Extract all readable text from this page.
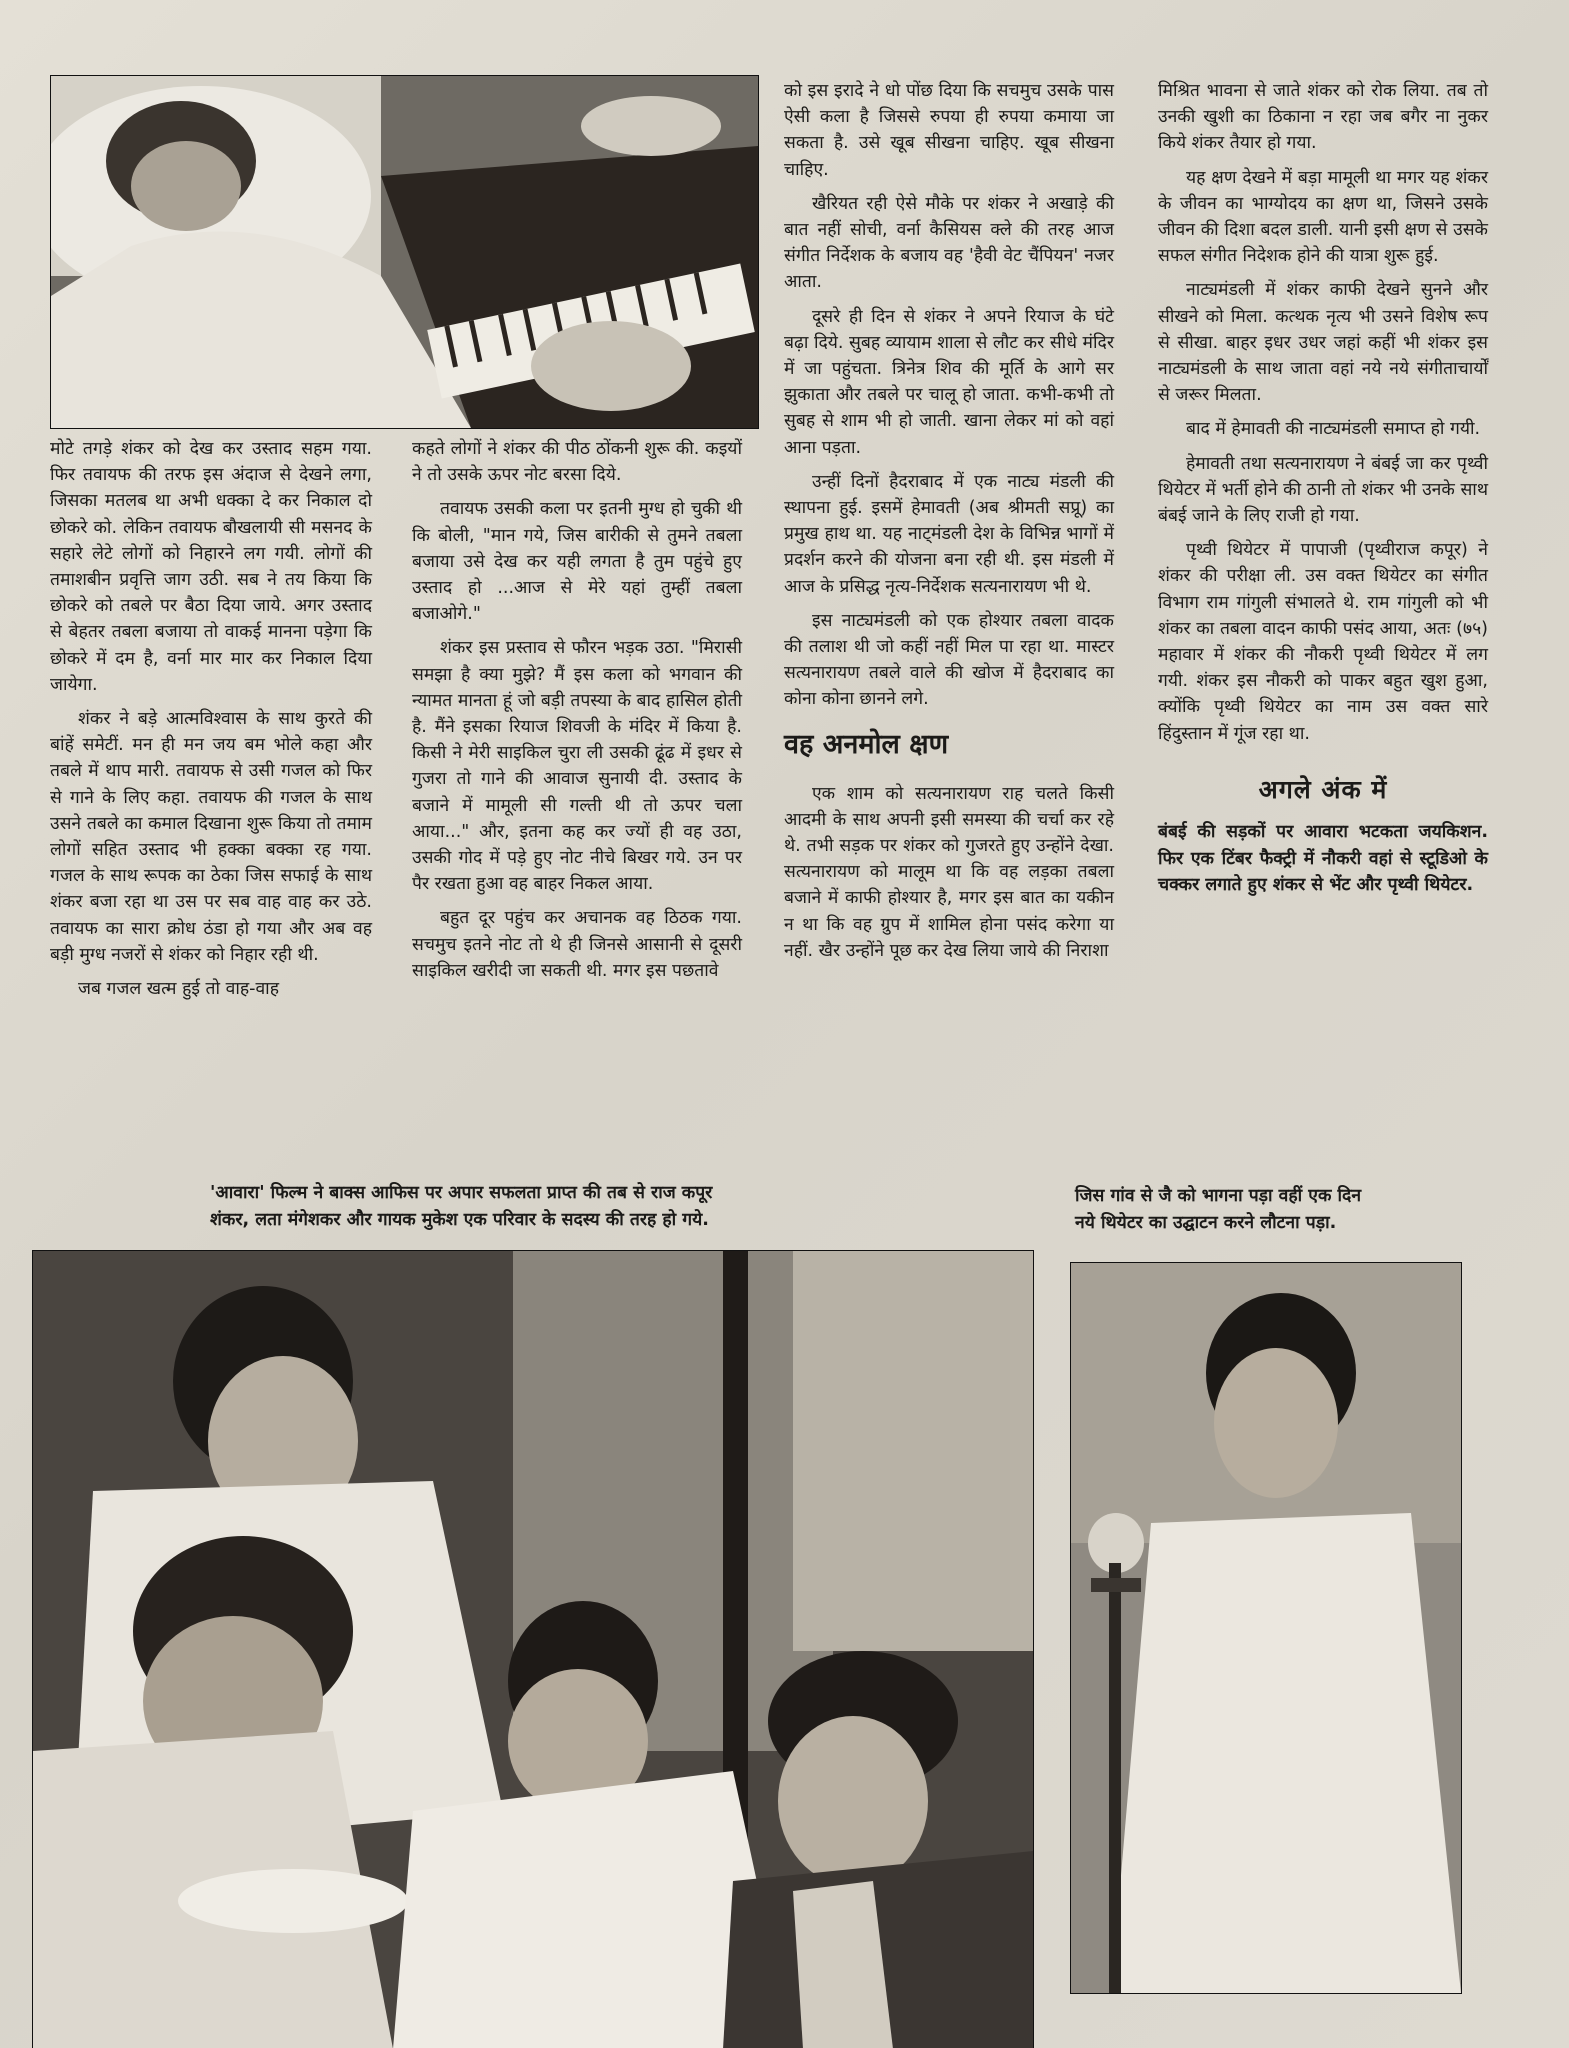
मोटे तगड़े शंकर को देख कर उस्ताद सहम गया. फिर तवायफ की तरफ इस अंदाज से देखने लगा, जिसका मतलब था अभी धक्का दे कर निकाल दो छोकरे को. लेकिन तवायफ बौखलायी सी मसनद के सहारे लेटे लोगों को निहारने लग गयी. लोगों की तमाशबीन प्रवृत्ति जाग उठी. सब ने तय किया कि छोकरे को तबले पर बैठा दिया जाये. अगर उस्ताद से बेहतर तबला बजाया तो वाकई मानना पड़ेगा कि छोकरे में दम है, वर्ना मार मार कर निकाल दिया जायेगा.

शंकर ने बड़े आत्मविश्वास के साथ कुरते की बांहें समेटीं. मन ही मन जय बम भोले कहा और तबले में थाप मारी. तवायफ से उसी गजल को फिर से गाने के लिए कहा. तवायफ की गजल के साथ उसने तबले का कमाल दिखाना शुरू किया तो तमाम लोगों सहित उस्ताद भी हक्का बक्का रह गया. गजल के साथ रूपक का ठेका जिस सफाई के साथ शंकर बजा रहा था उस पर सब वाह वाह कर उठे. तवायफ का सारा क्रोध ठंडा हो गया और अब वह बड़ी मुग्ध नजरों से शंकर को निहार रही थी.

जब गजल खत्म हुई तो वाह-वाह

कहते लोगों ने शंकर की पीठ ठोंकनी शुरू की. कइयों ने तो उसके ऊपर नोट बरसा दिये.

तवायफ उसकी कला पर इतनी मुग्ध हो चुकी थी कि बोली, "मान गये, जिस बारीकी से तुमने तबला बजाया उसे देख कर यही लगता है तुम पहुंचे हुए उस्ताद हो ...आज से मेरे यहां तुम्हीं तबला बजाओगे."

शंकर इस प्रस्ताव से फौरन भड़क उठा. "मिरासी समझा है क्या मुझे? मैं इस कला को भगवान की न्यामत मानता हूं जो बड़ी तपस्या के बाद हासिल होती है. मैंने इसका रियाज शिवजी के मंदिर में किया है. किसी ने मेरी साइकिल चुरा ली उसकी ढूंढ में इधर से गुजरा तो गाने की आवाज सुनायी दी. उस्ताद के बजाने में मामूली सी गल्ती थी तो ऊपर चला आया..." और, इतना कह कर ज्यों ही वह उठा, उसकी गोद में पड़े हुए नोट नीचे बिखर गये. उन पर पैर रखता हुआ वह बाहर निकल आया.

बहुत दूर पहुंच कर अचानक वह ठिठक गया. सचमुच इतने नोट तो थे ही जिनसे आसानी से दूसरी साइकिल खरीदी जा सकती थी. मगर इस पछतावे

को इस इरादे ने धो पोंछ दिया कि सचमुच उसके पास ऐसी कला है जिससे रुपया ही रुपया कमाया जा सकता है. उसे खूब सीखना चाहिए. खूब सीखना चाहिए.

खैरियत रही ऐसे मौके पर शंकर ने अखाड़े की बात नहीं सोची, वर्ना कैसियस क्ले की तरह आज संगीत निर्देशक के बजाय वह 'हैवी वेट चैंपियन' नजर आता.

दूसरे ही दिन से शंकर ने अपने रियाज के घंटे बढ़ा दिये. सुबह व्यायाम शाला से लौट कर सीधे मंदिर में जा पहुंचता. त्रिनेत्र शिव की मूर्ति के आगे सर झुकाता और तबले पर चालू हो जाता. कभी-कभी तो सुबह से शाम भी हो जाती. खाना लेकर मां को वहां आना पड़ता.

उन्हीं दिनों हैदराबाद में एक नाट्य मंडली की स्थापना हुई. इसमें हेमावती (अब श्रीमती सप्रू) का प्रमुख हाथ था. यह नाट्मंडली देश के विभिन्न भागों में प्रदर्शन करने की योजना बना रही थी. इस मंडली में आज के प्रसिद्ध नृत्य-निर्देशक सत्यनारायण भी थे.

इस नाट्यमंडली को एक होश्यार तबला वादक की तलाश थी जो कहीं नहीं मिल पा रहा था. मास्टर सत्यनारायण तबले वाले की खोज में हैदराबाद का कोना कोना छानने लगे.

वह अनमोल क्षण

एक शाम को सत्यनारायण राह चलते किसी आदमी के साथ अपनी इसी समस्या की चर्चा कर रहे थे. तभी सड़क पर शंकर को गुजरते हुए उन्होंने देखा. सत्यनारायण को मालूम था कि वह लड़का तबला बजाने में काफी होश्यार है, मगर इस बात का यकीन न था कि वह ग्रुप में शामिल होना पसंद करेगा या नहीं. खैर उन्होंने पूछ कर देख लिया जाये की निराशा

मिश्रित भावना से जाते शंकर को रोक लिया. तब तो उनकी खुशी का ठिकाना न रहा जब बगैर ना नुकर किये शंकर तैयार हो गया.

यह क्षण देखने में बड़ा मामूली था मगर यह शंकर के जीवन का भाग्योदय का क्षण था, जिसने उसके जीवन की दिशा बदल डाली. यानी इसी क्षण से उसके सफल संगीत निदेशक होने की यात्रा शुरू हुई.

नाट्यमंडली में शंकर काफी देखने सुनने और सीखने को मिला. कत्थक नृत्य भी उसने विशेष रूप से सीखा. बाहर इधर उधर जहां कहीं भी शंकर इस नाट्यमंडली के साथ जाता वहां नये नये संगीताचार्यों से जरूर मिलता.

बाद में हेमावती की नाट्यमंडली समाप्त हो गयी.

हेमावती तथा सत्यनारायण ने बंबई जा कर पृथ्वी थियेटर में भर्ती होने की ठानी तो शंकर भी उनके साथ बंबई जाने के लिए राजी हो गया.

पृथ्वी थियेटर में पापाजी (पृथ्वीराज कपूर) ने शंकर की परीक्षा ली. उस वक्त थियेटर का संगीत विभाग राम गांगुली संभालते थे. राम गांगुली को भी शंकर का तबला वादन काफी पसंद आया, अतः (७५) महावार में शंकर की नौकरी पृथ्वी थियेटर में लग गयी. शंकर इस नौकरी को पाकर बहुत खुश हुआ, क्योंकि पृथ्वी थियेटर का नाम उस वक्त सारे हिंदुस्तान में गूंज रहा था.

अगले अंक में
बंबई की सड़कों पर आवारा भटकता जयकिशन. फिर एक टिंबर फैक्ट्री में नौकरी वहां से स्टूडिओ के चक्कर लगाते हुए शंकर से भेंट और पृथ्वी थियेटर.
'आवारा' फिल्म ने बाक्स आफिस पर अपार सफलता प्राप्त की तब से राज कपूर
शंकर, लता मंगेशकर और गायक मुकेश एक परिवार के सदस्य की तरह हो गये.
जिस गांव से जै को भागना पड़ा वहीं एक दिन
नये थियेटर का उद्घाटन करने लौटना पड़ा.
